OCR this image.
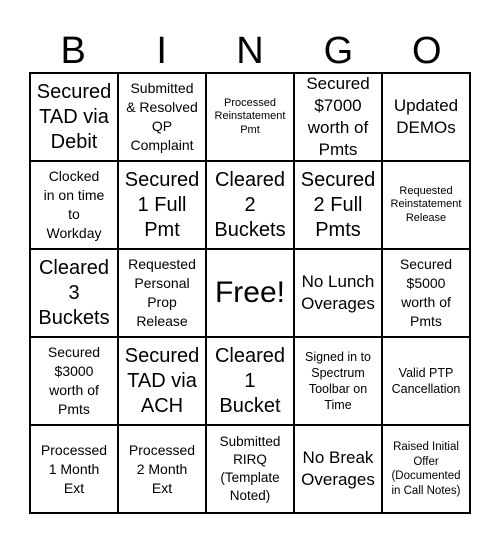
B	I	N	G	O
Secured
TAD via
Debit
Submitted
& Resolved
QP
Complaint
Processed
Reinstatement
Pmt
Secured
$7000
worth of
Pmts
Updated
DEMOs
Clocked
in on time
to
Workday
Secured
1 Full
Pmt
Cleared
2
Buckets
Secured
2 Full
Pmts
Requested
Reinstatement
Release
Cleared
3
Buckets
Requested
Personal
Prop
Release
Free! No Lunch
Overages
Secured
$5000
worth of
Pmts
Secured
$3000
worth of
Pmts
Secured
TAD via
ACH
Cleared
1
Bucket
Signed in to
Spectrum
Toolbar on
Time
Valid PTP
Cancellation
Processed
1 Month
Ext
Processed
2 Month
Ext
Submitted
RIRQ
(Template
Noted)
No Break
Overages
Raised Initial
Offer
(Documented
in Call Notes)
